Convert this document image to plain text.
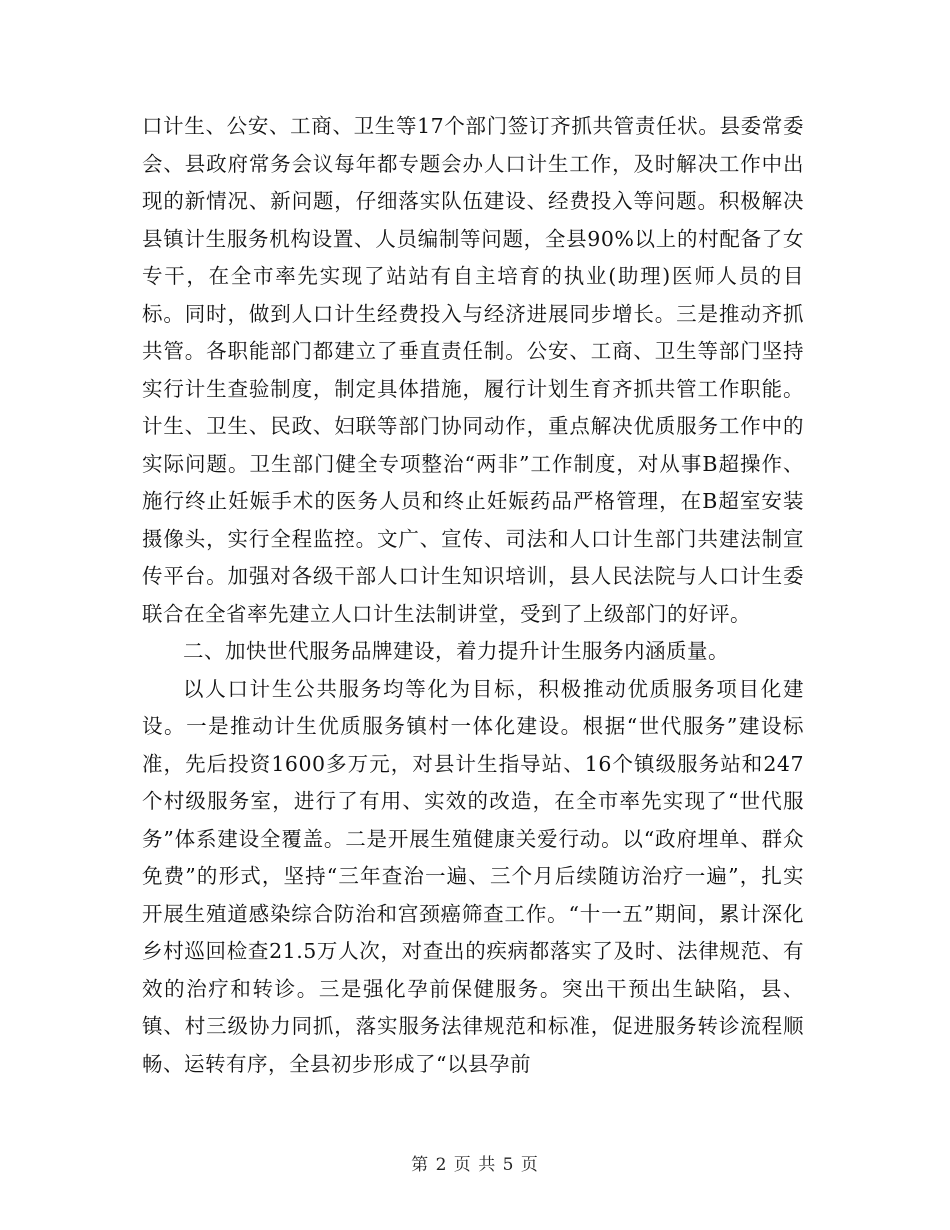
口计生、公安、工商、卫生等17个部门签订齐抓共管责任状。县委常委会、县政府常务会议每年都专题会办人口计生工作，及时解决工作中出现的新情况、新问题，仔细落实队伍建设、经费投入等问题。积极解决县镇计生服务机构设置、人员编制等问题，全县90%以上的村配备了女专干，在全市率先实现了站站有自主培育的执业(助理)医师人员的目标。同时，做到人口计生经费投入与经济进展同步增长。三是推动齐抓共管。各职能部门都建立了垂直责任制。公安、工商、卫生等部门坚持实行计生查验制度，制定具体措施，履行计划生育齐抓共管工作职能。计生、卫生、民政、妇联等部门协同动作，重点解决优质服务工作中的实际问题。卫生部门健全专项整治“两非”工作制度，对从事B超操作、施行终止妊娠手术的医务人员和终止妊娠药品严格管理，在B超室安装摄像头，实行全程监控。文广、宣传、司法和人口计生部门共建法制宣传平台。加强对各级干部人口计生知识培训，县人民法院与人口计生委联合在全省率先建立人口计生法制讲堂，受到了上级部门的好评。

二、加快世代服务品牌建设，着力提升计生服务内涵质量。

以人口计生公共服务均等化为目标，积极推动优质服务项目化建设。一是推动计生优质服务镇村一体化建设。根据“世代服务”建设标准，先后投资1600多万元，对县计生指导站、16个镇级服务站和247个村级服务室，进行了有用、实效的改造，在全市率先实现了“世代服务”体系建设全覆盖。二是开展生殖健康关爱行动。以“政府埋单、群众免费”的形式，坚持“三年查治一遍、三个月后续随访治疗一遍”，扎实开展生殖道感染综合防治和宫颈癌筛查工作。“十一五”期间，累计深化乡村巡回检查21.5万人次，对查出的疾病都落实了及时、法律规范、有效的治疗和转诊。三是强化孕前保健服务。突出干预出生缺陷，县、镇、村三级协力同抓，落实服务法律规范和标准，促进服务转诊流程顺畅、运转有序，全县初步形成了“以县孕前

第 2 页 共 5 页
